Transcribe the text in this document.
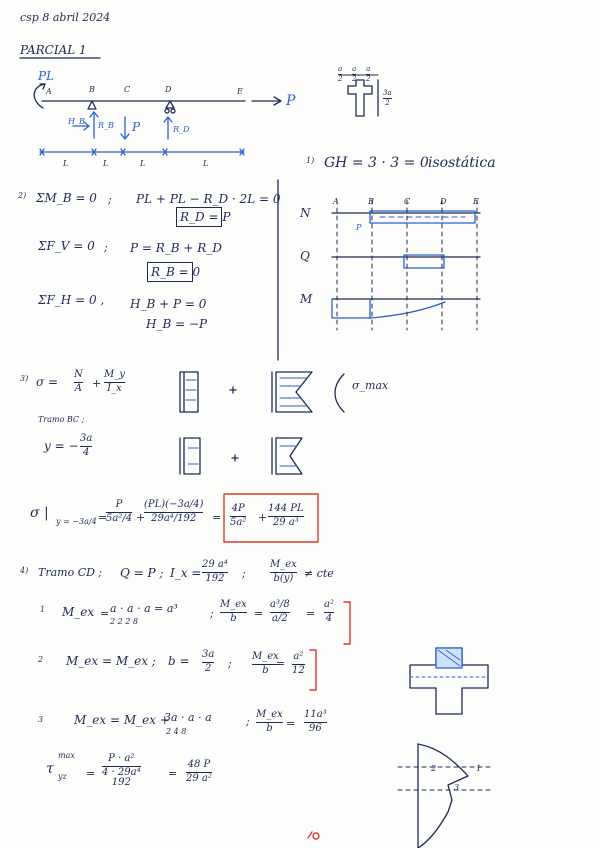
csp 8 abril 2024
PARCIAL 1
PL
A	B	C	D	E
P
H_B R_B P	R_D
L	L	L	L
a
2
a
2
a
2
3a
2
1) GH = 3 · 3 = 0 isostática
2) ΣM_B = 0 ; PL + PL − R_D · 2L = 0
R_D = P
ΣF_V = 0 ; P = R_B + R_D
R_B = 0
ΣF_H = 0 , H_B + P = 0
H_B = −P
A	B	C	D	E
N
Q
M
P
3) σ =
N
A +
M_y
I_x	σ_max
Tramo BC ;
y = −
3a
4
σ |
y = −3a/4 =
P
5a²/4 +
(PL)(−3a/4)
29a⁴/192 =
4P
5a² +
144 PL
29 a³
4) Tramo CD ; Q = P ; I_x =
29 a⁴
192 ;
M_ex
b(y) ≠ cte
1 M_ex = a · a · a = a³
2 2 2 8
;
M_ex
b =
a³/8
a/2 =
a²
4
2 M_ex = M_ex ; b = 3a
2 ;
M_ex
b =
a²
12
3	M_ex = M_ex +
3a · a · a
2 4 8
;
M_ex
b =
11a³
96
τ yz
max
=
P · a²
4 · 29a⁴
192
=
48 P
29 a²
2	1
3
